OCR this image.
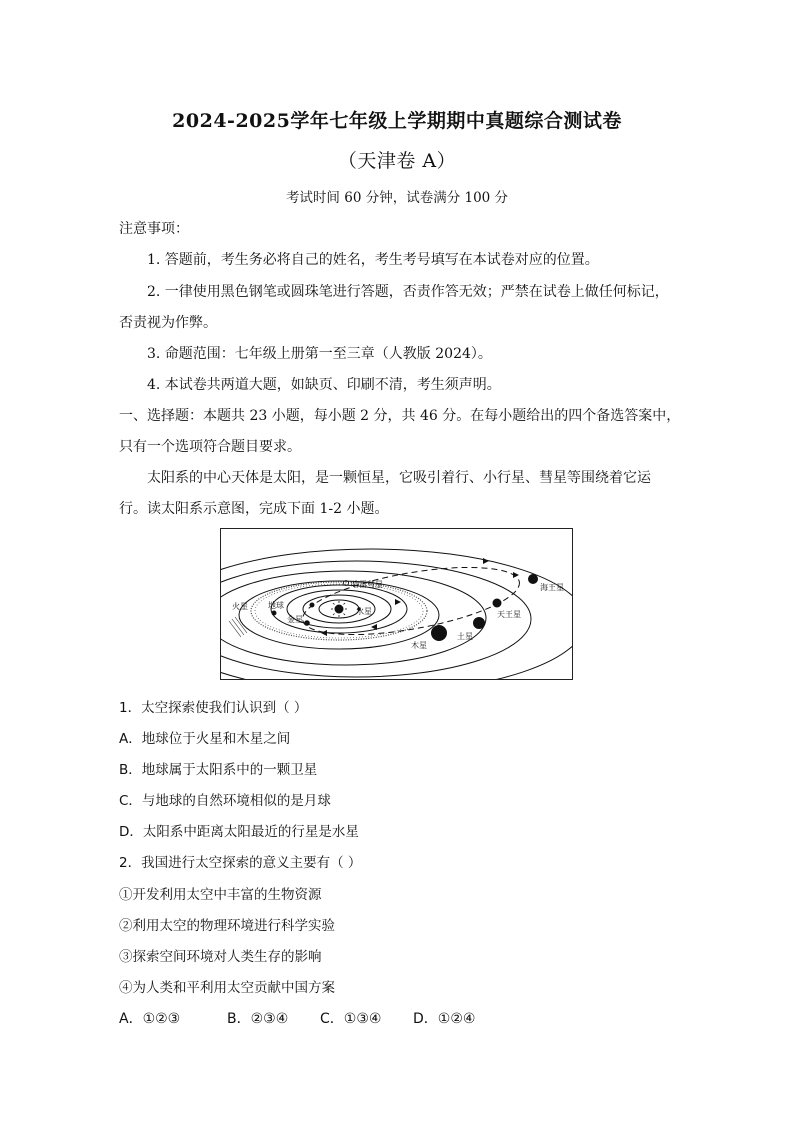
2024-2025学年七年级上学期期中真题综合测试卷
（天津卷 A）
考试时间 60 分钟，试卷满分 100 分
注意事项：
1. 答题前，考生务必将自己的姓名，考生考号填写在本试卷对应的位置。
2. 一律使用黑色钢笔或圆珠笔进行答题，否责作答无效；严禁在试卷上做任何标记，
否责视为作弊。
3. 命题范围：七年级上册第一至三章（人教版 2024）。
4. 本试卷共两道大题，如缺页、印刷不清，考生须声明。
一、选择题：本题共 23 小题，每小题 2 分，共 46 分。在每小题给出的四个备选答案中，
只有一个选项符合题目要求。
太阳系的中心天体是太阳，是一颗恒星，它吸引着行、小行星、彗星等围绕着它运
行。读太阳系示意图，完成下面 1-2 小题。
海王星
天王星
土星
木星
火星	地球
金星
水星
哈雷彗星
1．太空探索使我们认识到（ ）
A．地球位于火星和木星之间
B．地球属于太阳系中的一颗卫星
C．与地球的自然环境相似的是月球
D．太阳系中距离太阳最近的行星是水星
2．我国进行太空探索的意义主要有（ ）
①开发利用太空中丰富的生物资源
②利用太空的物理环境进行科学实验
③探索空间环境对人类生存的影响
④为人类和平利用太空贡献中国方案
A．①②③	B．②③④ C．①③④ D．①②④
